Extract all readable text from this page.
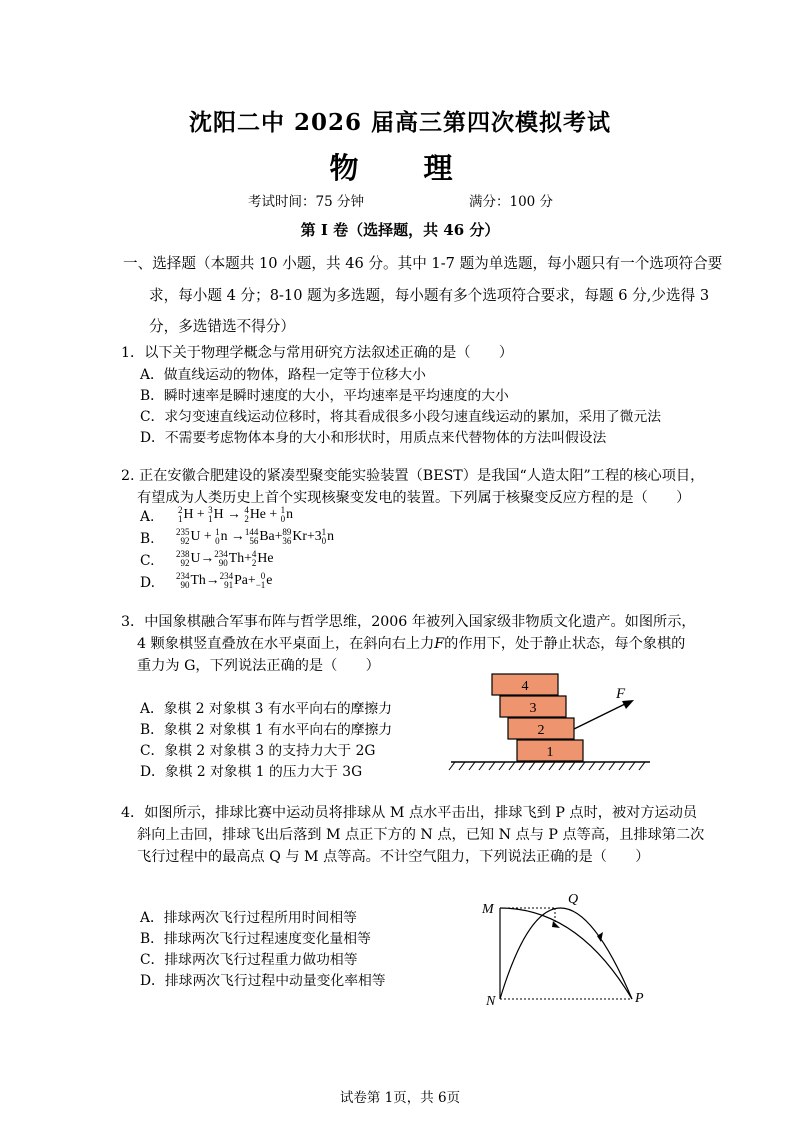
沈阳二中 2026 届高三第四次模拟考试
物　理
考试时间：75 分钟	满分：100 分
第 I 卷（选择题，共 46 分）
一、选择题（本题共 10 小题，共 46 分。其中 1-7 题为单选题，每小题只有一个选项符合要
求，每小题 4 分；8-10 题为多选题，每小题有多个选项符合要求，每题 6 分,少选得 3
分，多选错选不得分）
1．以下关于物理学概念与常用研究方法叙述正确的是（　　）
A．做直线运动的物体，路程一定等于位移大小
B．瞬时速率是瞬时速度的大小，平均速率是平均速度的大小
C．求匀变速直线运动位移时，将其看成很多小段匀速直线运动的累加，采用了微元法
D．不需要考虑物体本身的大小和形状时，用质点来代替物体的方法叫假设法
2. 正在安徽合肥建设的紧凑型聚变能实验装置（BEST）是我国“人造太阳”工程的核心项目，
有望成为人类历史上首个实现核聚变发电的装置。下列属于核聚变反应方程的是（　　）
A.	2
1 H + 3
1 H → 4
2 He + 1
0 n
B. 235
92 U + 1
0 n → 144
56 Ba+ 89
36 Kr+3 1
0 n
C. 238
92 U→ 234
90 Th+ 4
2 He
D. 234
90 Th→ 234
91 Pa+ 0
−1 e
3．中国象棋融合军事布阵与哲学思维，2006 年被列入国家级非物质文化遗产。如图所示，
4 颗象棋竖直叠放在水平桌面上，在斜向右上力F的作用下，处于静止状态，每个象棋的
重力为 G，下列说法正确的是（　　）
A．象棋 2 对象棋 3 有水平向右的摩擦力
B．象棋 2 对象棋 1 有水平向右的摩擦力
C．象棋 2 对象棋 3 的支持力大于 2G
D．象棋 2 对象棋 1 的压力大于 3G
4
3
2
1
F
4．如图所示，排球比赛中运动员将排球从 M 点水平击出，排球飞到 P 点时，被对方运动员
斜向上击回，排球飞出后落到 M 点正下方的 N 点，已知 N 点与 P 点等高，且排球第二次
飞行过程中的最高点 Q 与 M 点等高。不计空气阻力，下列说法正确的是（　　）
A．排球两次飞行过程所用时间相等
B．排球两次飞行过程速度变化量相等
C．排球两次飞行过程重力做功相等
D．排球两次飞行过程中动量变化率相等
M
Q
N	P
试卷第 1页，共 6页
